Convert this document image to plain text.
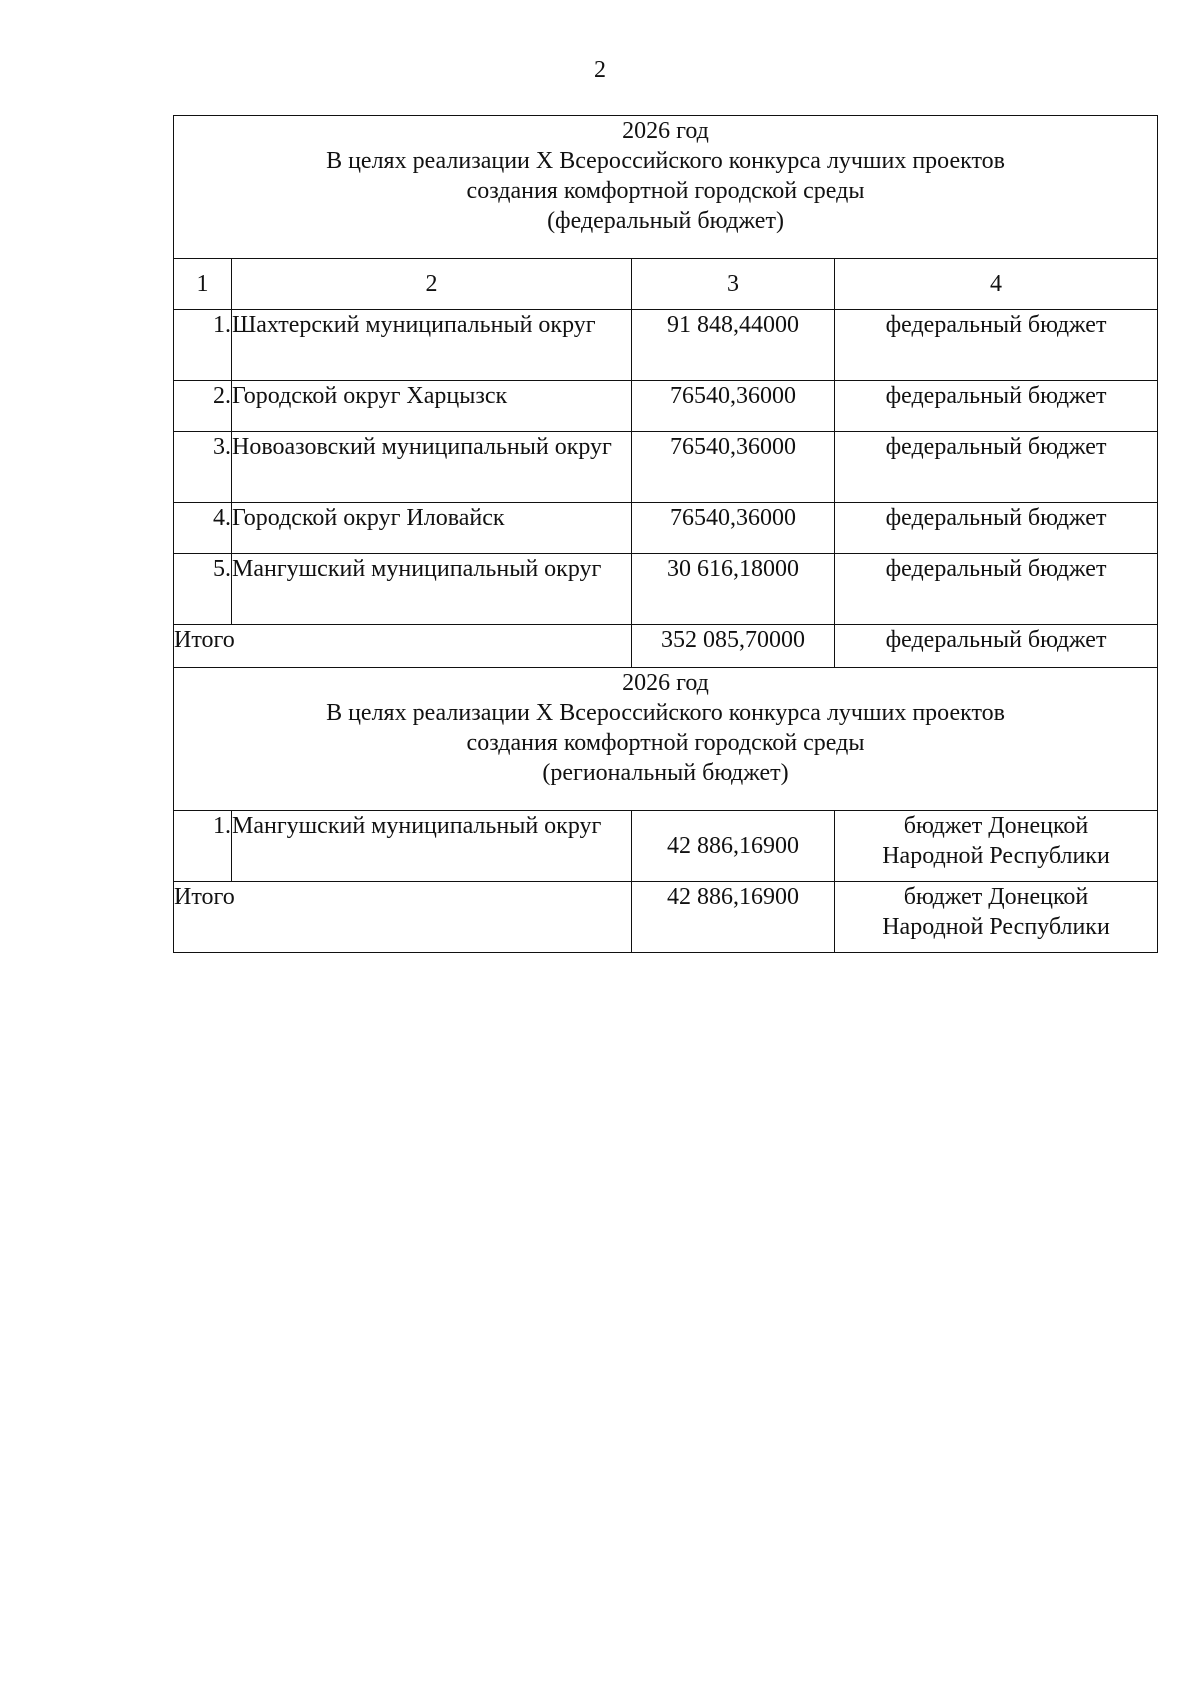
2
2026 год
В целях реализации X Всероссийского конкурса лучших проектов
создания комфортной городской среды
(федеральный бюджет)			

1	2	3	4
1.	Шахтерский муниципальный округ	91 848,44000	федеральный бюджет
2.	Городской округ Харцызск	76540,36000	федеральный бюджет
3.	Новоазовский муниципальный округ	76540,36000	федеральный бюджет
4.	Городской округ Иловайск	76540,36000	федеральный бюджет
5.	Мангушский муниципальный округ	30 616,18000	федеральный бюджет
Итого		352 085,70000	федеральный бюджет

2026 год
В целях реализации X Всероссийского конкурса лучших проектов
создания комфортной городской среды
(региональный бюджет)			

1.	Мангушский муниципальный округ	42 886,16900	бюджет Донецкой
Народной Республики

Итого		42 886,16900	бюджет Донецкой
Народной Республики
